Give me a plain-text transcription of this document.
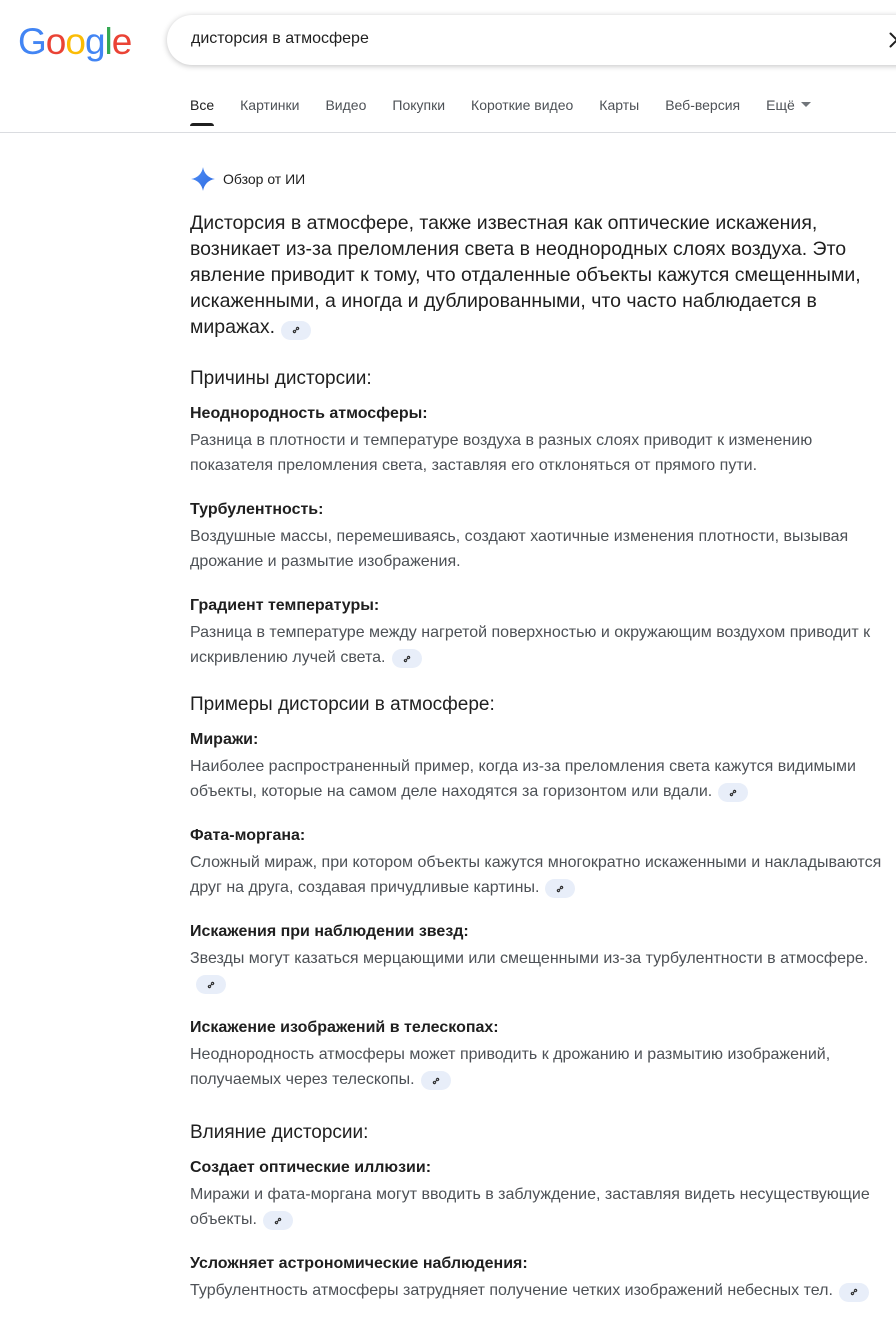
Google	дисторсия в атмосфере
Все Картинки Видео Покупки Короткие видео Карты Веб-версия Ещё
Обзор от ИИ

Дисторсия в атмосфере, также известная как оптические искажения, возникает из-за преломления света в неоднородных слоях воздуха. Это явление приводит к тому, что отдаленные объекты кажутся смещенными, искаженными, а иногда и дублированными, что часто наблюдается в миражах.

Причины дисторсии:

Неоднородность атмосферы:

Разница в плотности и температуре воздуха в разных слоях приводит к изменению показателя преломления света, заставляя его отклоняться от прямого пути.

Турбулентность:

Воздушные массы, перемешиваясь, создают хаотичные изменения плотности, вызывая дрожание и размытие изображения.

Градиент температуры:

Разница в температуре между нагретой поверхностью и окружающим воздухом приводит к искривлению лучей света.

Примеры дисторсии в атмосфере:

Миражи:

Наиболее распространенный пример, когда из-за преломления света кажутся видимыми объекты, которые на самом деле находятся за горизонтом или вдали.

Фата-моргана:

Сложный мираж, при котором объекты кажутся многократно искаженными и накладываются друг на друга, создавая причудливые картины.

Искажения при наблюдении звезд:

Звезды могут казаться мерцающими или смещенными из-за турбулентности в атмосфере.

Искажение изображений в телескопах:

Неоднородность атмосферы может приводить к дрожанию и размытию изображений, получаемых через телескопы.

Влияние дисторсии:

Создает оптические иллюзии:

Миражи и фата-моргана могут вводить в заблуждение, заставляя видеть несуществующие объекты.

Усложняет астрономические наблюдения:

Турбулентность атмосферы затрудняет получение четких изображений небесных тел.
